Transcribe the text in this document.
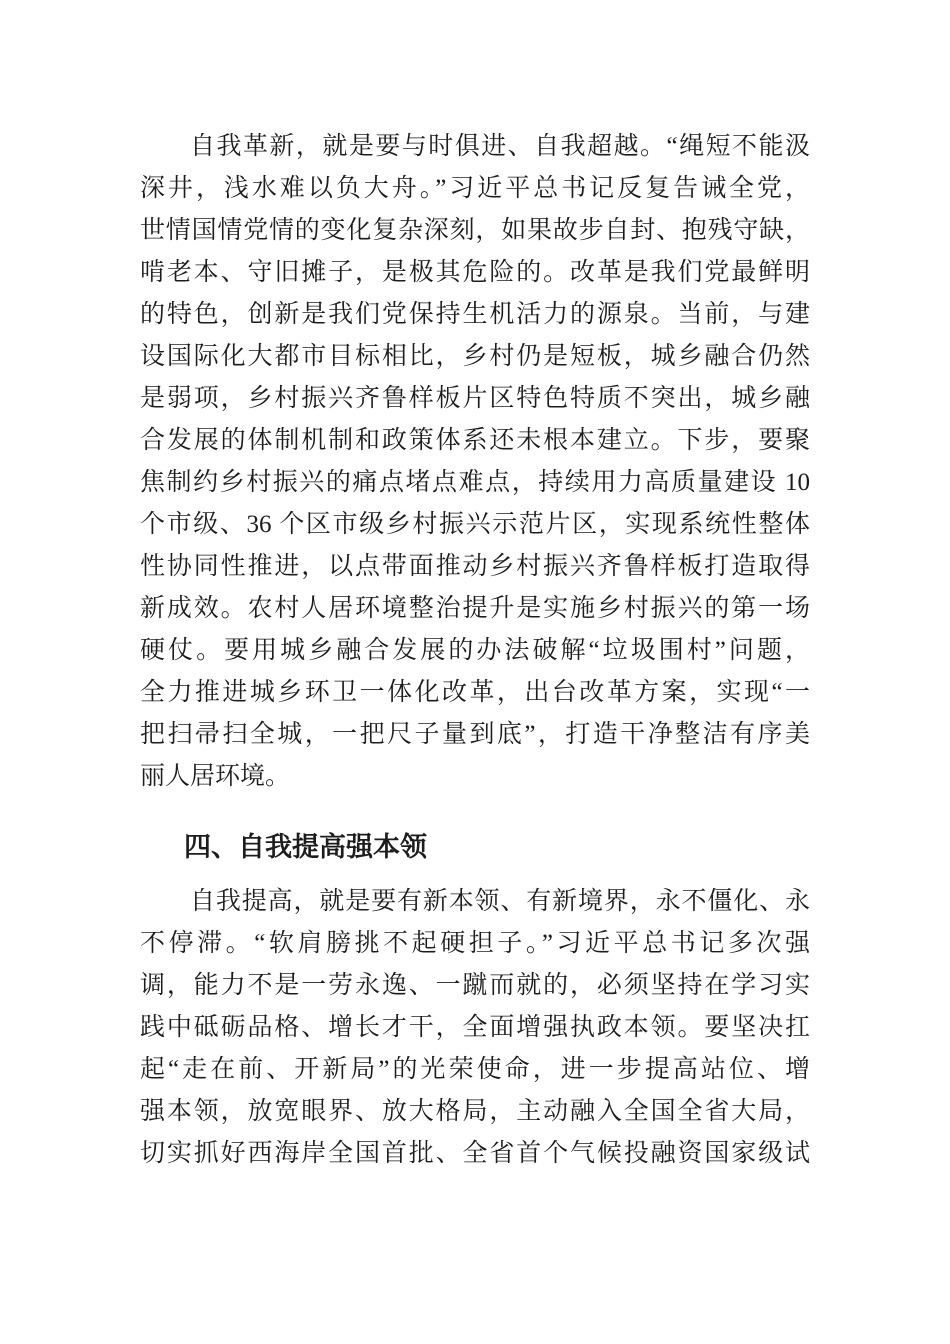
自我革新，就是要与时俱进、自我超越。“绳短不能汲
深井，浅水难以负大舟。”习近平总书记反复告诫全党，
世情国情党情的变化复杂深刻，如果故步自封、抱残守缺，
啃老本、守旧摊子，是极其危险的。改革是我们党最鲜明
的特色，创新是我们党保持生机活力的源泉。当前，与建
设国际化大都市目标相比，乡村仍是短板，城乡融合仍然
是弱项，乡村振兴齐鲁样板片区特色特质不突出，城乡融
合发展的体制机制和政策体系还未根本建立。下步，要聚
焦制约乡村振兴的痛点堵点难点，持续用力高质量建设 10
个市级、36 个区市级乡村振兴示范片区，实现系统性整体
性协同性推进，以点带面推动乡村振兴齐鲁样板打造取得
新成效。农村人居环境整治提升是实施乡村振兴的第一场
硬仗。要用城乡融合发展的办法破解“垃圾围村”问题，
全力推进城乡环卫一体化改革，出台改革方案，实现“一
把扫帚扫全城，一把尺子量到底”，打造干净整洁有序美
丽人居环境。
四、自我提高强本领
自我提高，就是要有新本领、有新境界，永不僵化、永
不停滞。“软肩膀挑不起硬担子。”习近平总书记多次强
调，能力不是一劳永逸、一蹴而就的，必须坚持在学习实
践中砥砺品格、增长才干，全面增强执政本领。要坚决扛
起“走在前、开新局”的光荣使命，进一步提高站位、增
强本领，放宽眼界、放大格局，主动融入全国全省大局，
切实抓好西海岸全国首批、全省首个气候投融资国家级试
